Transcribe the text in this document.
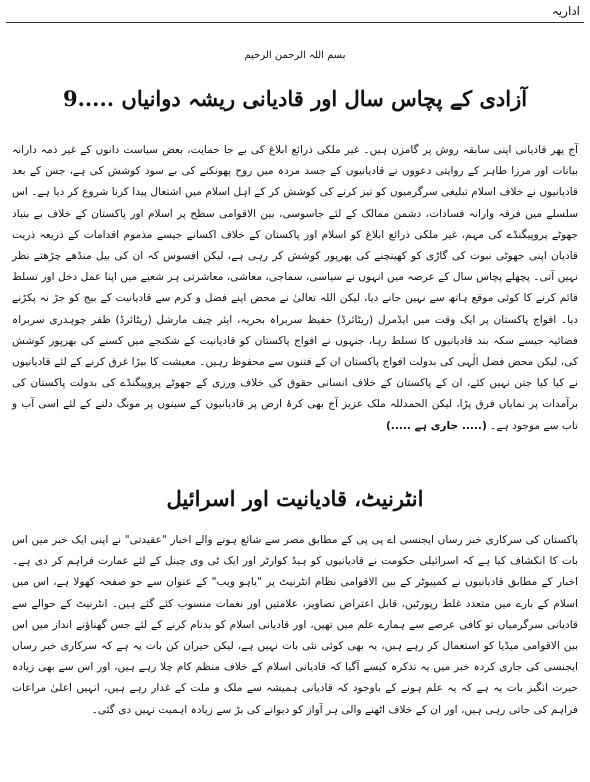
اداریہ
بسم اللہ الرحمن الرحیم
آزادی کے پچاس سال اور قادیانی ریشہ دوانیاں .....9

آج پھر قادیانی اپنی سابقہ روش پر گامزن ہیں۔ غیر ملکی ذرائع ابلاغ کی بے جا حمایت، بعض سیاست دانوں کے غیر ذمہ دارانہ بیانات اور مرزا طاہر کے روایتی دعووں نے قادیانیوں کے جسد مردہ میں روح پھونکنے کی بے سود کوشش کی ہے، جس کے بعد قادیانیوں نے خلاف اسلام تبلیغی سرگرمیوں کو تیز کرنے کی کوشش کر کے اہل اسلام میں اشتعال پیدا کرنا شروع کر دیا ہے۔ اس سلسلے میں فرقہ وارانہ فسادات، دشمن ممالک کے لئے جاسوسی، بین الاقوامی سطح پر اسلام اور پاکستان کے خلاف بے بنیاد جھوٹے پروپیگنڈے کی مہم، غیر ملکی ذرائع ابلاغ کو اسلام اور پاکستان کے خلاف اکسانے جیسے مذموم اقدامات کے ذریعہ ذریت قادیان اپنی جھوٹی نبوت کی گاڑی کو کھینچنے کی بھرپور کوشش کر رہی ہے، لیکن افسوس کہ ان کی بیل منڈھے چڑھتے نظر نہیں آتی۔ پچھلے پچاس سال کے عرصہ میں انہوں نے سیاسی، سماجی، معاشی، معاشرتی ہر شعبے میں اپنا عمل دخل اور تسلط قائم کرنے کا کوئی موقع ہاتھ سے نہیں جانے دیا، لیکن اللہ تعالیٰ نے محض اپنے فضل و کرم سے قادیانیت کے بیج کو جڑ نہ پکڑنے دیا۔ افواج پاکستان پر ایک وقت میں ایڈمرل (ریٹائرڈ) حفیظ سربراہ بحریہ، ایئر چیف مارشل (ریٹائرڈ) ظفر چوہدری سربراہ فضائیہ جیسے سکہ بند قادیانیوں کا تسلط رہا، جنہوں نے افواج پاکستان کو قادیانیت کے شکنجے میں کسنے کی بھرپور کوشش کی، لیکن محض فضل الٰہی کی بدولت افواج پاکستان ان کے فتنوں سے محفوظ رہیں۔ معیشت کا بیڑا غرق کرنے کے لئے قادیانیوں نے کیا کیا جتن نہیں کئے، ان کے پاکستان کے خلاف انسانی حقوق کی خلاف ورزی کے جھوٹے پروپیگنڈے کی بدولت پاکستان کی برآمدات پر نمایاں فرق پڑا، لیکن الحمدللہ ملک عزیز آج بھی کرۂ ارض پر قادیانیوں کے سینوں پر مونگ دلنے کے لئے اسی آب و تاب سے موجود ہے۔ (..... جاری ہے .....)

انٹرنیٹ، قادیانیت اور اسرائیل

پاکستان کی سرکاری خبر رساں ایجنسی اے پی پی کے مطابق مصر سے شائع ہونے والے اخبار "عقیدتی" نے اپنی ایک خبر میں اس بات کا انکشاف کیا ہے کہ اسرائیلی حکومت نے قادیانیوں کو ہیڈ کوارٹر اور ایک ٹی وی چینل کے لئے عمارت فراہم کر دی ہے۔ اخبار کے مطابق قادیانیوں نے کمپیوٹر کے بین الاقوامی نظام انٹرنیٹ پر "یاہو ویب" کے عنوان سے جو صفحہ کھولا ہے، اس میں اسلام کے بارے میں متعدد غلط رپورٹیں، قابل اعتراض تصاویر، علامتیں اور نغمات منسوب کئے گئے ہیں۔ انٹرنیٹ کے حوالے سے قادیانی سرگرمیاں تو کافی عرصے سے ہمارے علم میں تھیں، اور قادیانی اسلام کو بدنام کرنے کے لئے جس گھناؤنے انداز میں اس بین الاقوامی میڈیا کو استعمال کر رہے ہیں، یہ بھی کوئی نئی بات نہیں ہے، لیکن حیران کن بات یہ ہے کہ سرکاری خبر رساں ایجنسی کی جاری کردہ خبر میں یہ تذکرہ کیسے آگیا کہ قادیانی اسلام کے خلاف منظم کام چلا رہے ہیں، اور اس سے بھی زیادہ حیرت انگیز بات یہ ہے کہ یہ علم ہونے کے باوجود کہ قادیانی ہمیشہ سے ملک و ملت کے غدار رہے ہیں، انہیں اعلیٰ مراعات فراہم کی جاتی رہی ہیں، اور ان کے خلاف اٹھنے والی ہر آواز کو دیوانے کی بڑ سے زیادہ اہمیت نہیں دی گئی۔
